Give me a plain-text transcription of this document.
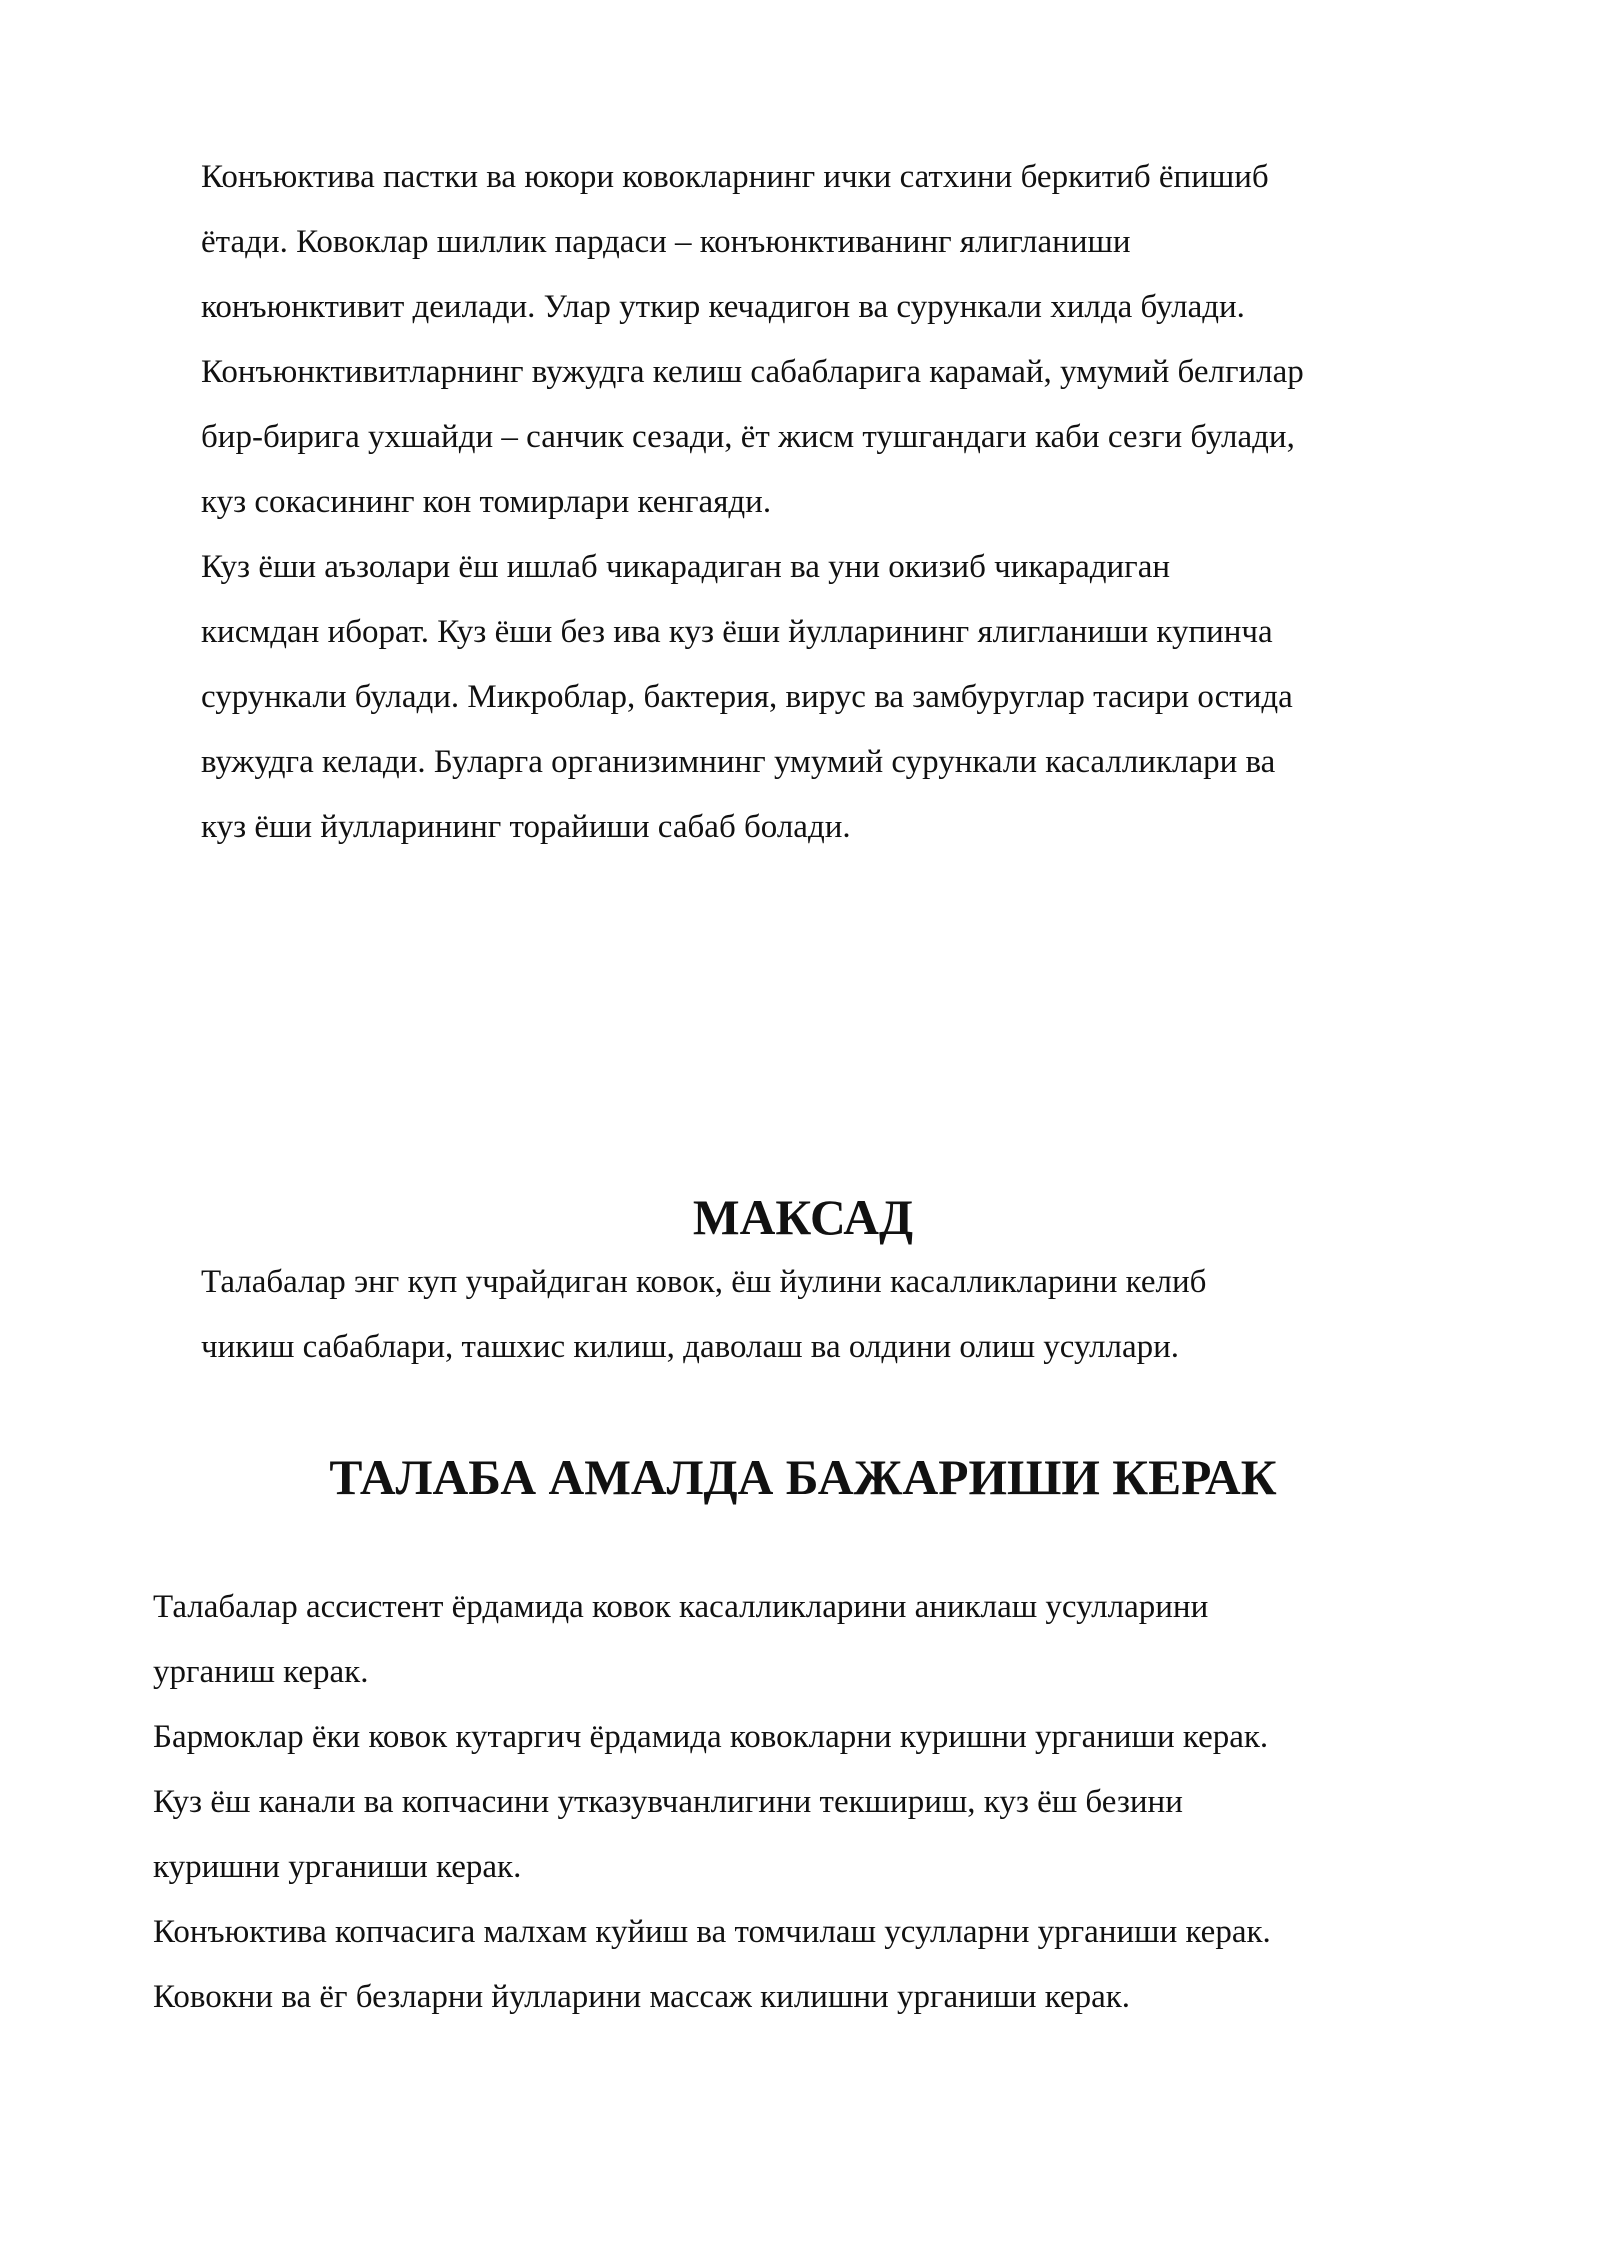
Конъюктива пастки ва юкори ковокларнинг ички сатхини беркитиб ёпишиб
ётади. Ковоклар шиллик пардаси – конъюнктиванинг ялигланиши
конъюнктивит деилади. Улар уткир кечадигон ва сурункали хилда булади.
Конъюнктивитларнинг вужудга келиш сабабларига карамай, умумий белгилар
бир-бирига ухшайди – санчик сезади, ёт жисм тушгандаги каби сезги булади,
куз сокасининг кон томирлари кенгаяди.

Куз ёши аъзолари ёш ишлаб чикарадиган ва уни окизиб чикарадиган
кисмдан иборат. Куз ёши без ива куз ёши йулларининг ялигланиши купинча
сурункали булади. Микроблар, бактерия, вирус ва замбуруглар тасири остида
вужудга келади. Буларга организимнинг умумий сурункали касалликлари ва
куз ёши йулларининг торайиши сабаб болади.

МАКСАД

Талабалар энг куп учрайдиган ковок, ёш йулини касалликларини келиб
чикиш сабаблари, ташхис килиш, даволаш ва олдини олиш усуллари.

ТАЛАБА АМАЛДА БАЖАРИШИ КЕРАК

Талабалар ассистент ёрдамида ковок касалликларини аниклаш усулларини
урганиш керак.
Бармоклар ёки ковок кутаргич ёрдамида ковокларни куришни урганиши керак.
Куз ёш канали ва копчасини утказувчанлигини текшириш, куз ёш безини
куришни урганиши керак.
Конъюктива копчасига малхам куйиш ва томчилаш усулларни урганиши керак.
Ковокни ва ёг безларни йулларини массаж килишни урганиши керак.
